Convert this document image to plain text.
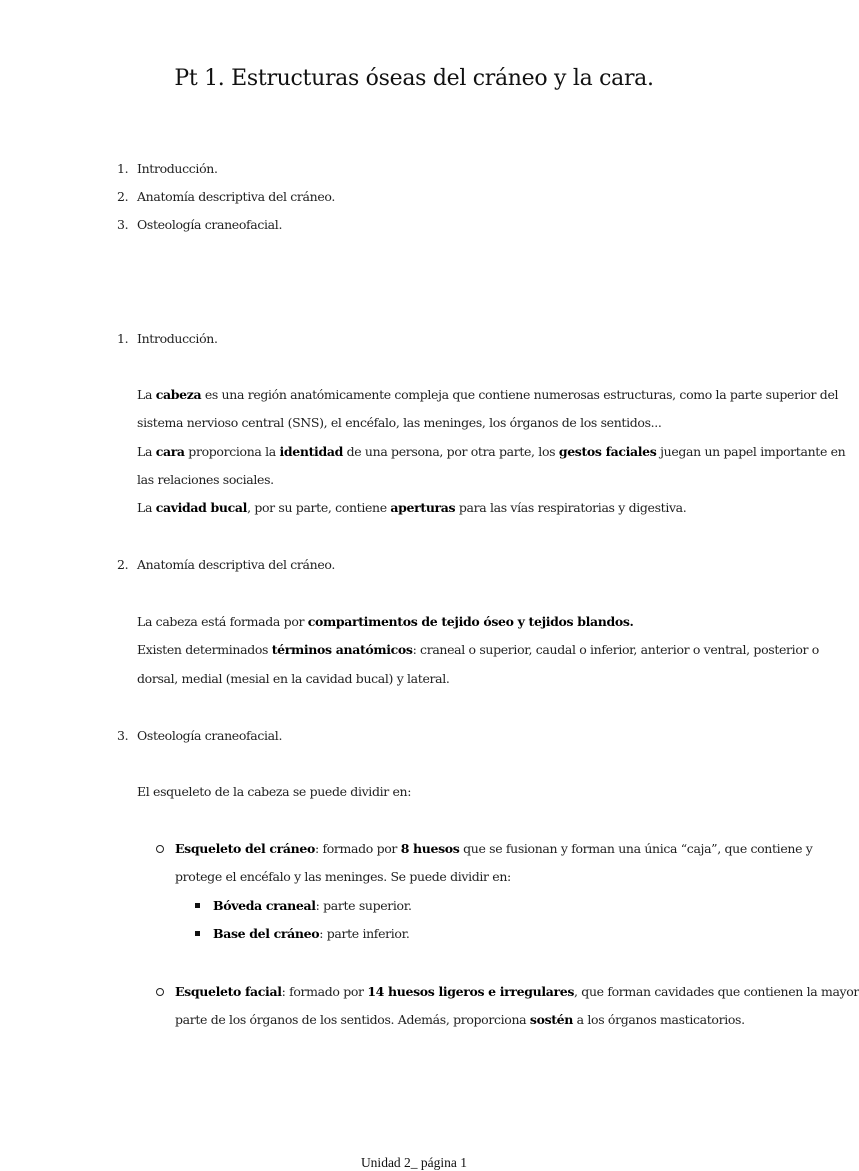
Pt 1. Estructuras óseas del cráneo y la cara.
1. Introducción.
2. Anatomía descriptiva del cráneo.
3. Osteología craneofacial.
1. Introducción.
La cabeza es una región anatómicamente compleja que contiene numerosas estructuras, como la parte superior del
sistema nervioso central (SNS), el encéfalo, las meninges, los órganos de los sentidos...
La cara proporciona la identidad de una persona, por otra parte, los gestos faciales juegan un papel importante en
las relaciones sociales.
La cavidad bucal, por su parte, contiene aperturas para las vías respiratorias y digestiva.
2. Anatomía descriptiva del cráneo.
La cabeza está formada por compartimentos de tejido óseo y tejidos blandos.
Existen determinados términos anatómicos: craneal o superior, caudal o inferior, anterior o ventral, posterior o
dorsal, medial (mesial en la cavidad bucal) y lateral.
3. Osteología craneofacial.
El esqueleto de la cabeza se puede dividir en:
Esqueleto del cráneo: formado por 8 huesos que se fusionan y forman una única “caja”, que contiene y
protege el encéfalo y las meninges. Se puede dividir en:
Bóveda craneal: parte superior.
Base del cráneo: parte inferior.
Esqueleto facial: formado por 14 huesos ligeros e irregulares, que forman cavidades que contienen la mayor
parte de los órganos de los sentidos. Además, proporciona sostén a los órganos masticatorios.
Unidad 2_ página 1
